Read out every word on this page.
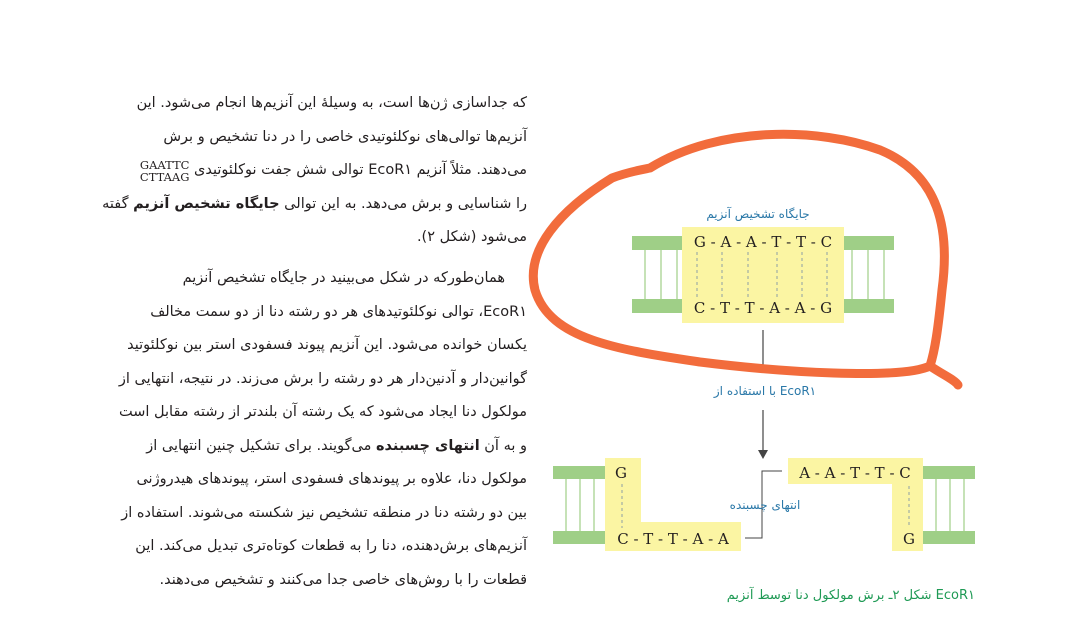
که جداسازی ژن‌ها است، به وسیلهٔ این آنزیم‌ها انجام می‌شود. این
آنزیم‌ها توالی‌های نوکلئوتیدی خاصی را در دنا تشخیص و برش
می‌دهند. مثلاً آنزیم EcoR۱ توالی شش جفت نوکلئوتیدی
GAATTC
CTTAAG
را شناسایی و برش می‌دهد. به این توالی جایگاه تشخیص آنزیم گفته
می‌شود (شکل ۲).
همان‌طورکه در شکل می‌بینید در جایگاه تشخیص آنزیم
EcoR۱، توالی نوکلئوتیدهای هر دو رشته دنا از دو سمت مخالف
یکسان خوانده می‌شود. این آنزیم پیوند فسفودی استر بین نوکلئوتید
گوانین‌دار و آدنین‌دار هر دو رشته را برش می‌زند. در نتیجه، انتهایی از
مولکول دنا ایجاد می‌شود که یک رشته آن بلندتر از رشته مقابل است
و به آن انتهای چسبنده می‌گویند. برای تشکیل چنین انتهایی از
مولکول دنا، علاوه بر پیوندهای فسفودی استر، پیوندهای هیدروژنی
بین دو رشته دنا در منطقه تشخیص نیز شکسته می‌شوند. استفاده از
آنزیم‌های برش‌دهنده، دنا را به قطعات کوتاه‌تری تبدیل می‌کند. این
قطعات را با روش‌های خاصی جدا می‌کنند و تشخیص می‌دهند.
G - A - A - T - T - C
C - T - T - A - A - G
جایگاه تشخیص آنزیم
با استفاده از EcoR۱
G
C - T - T - A - A
A - A - T - T - C
G
انتهای چسبنده
شکل ۲ـ برش مولکول دنا توسط آنزیم EcoR۱
